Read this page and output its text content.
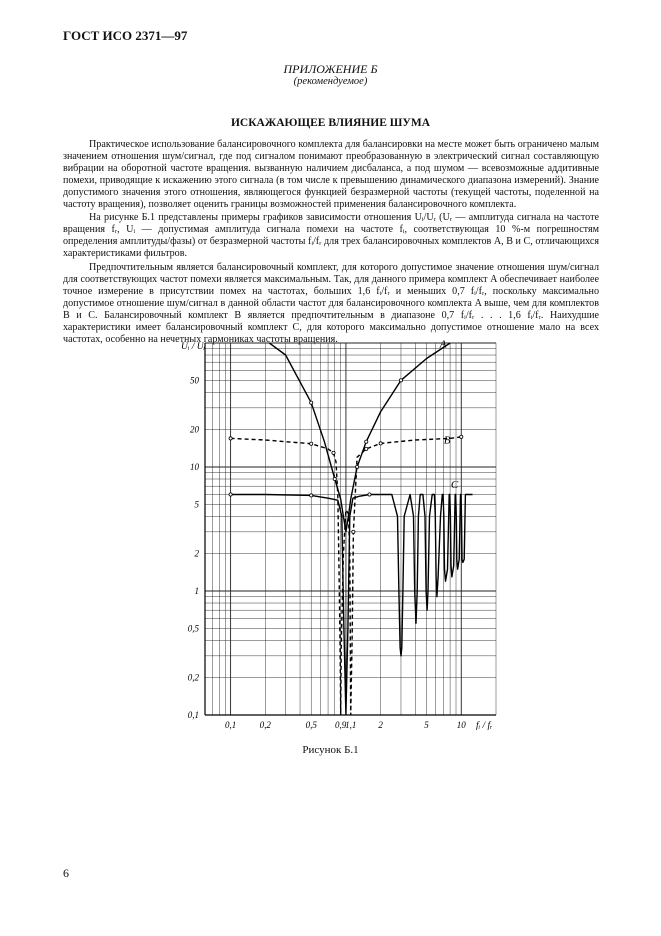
ГОСТ ИСО 2371—97
ПРИЛОЖЕНИЕ Б
(рекомендуемое)
ИСКАЖАЮЩЕЕ ВЛИЯНИЕ ШУМА

Практическое использование балансировочного комплекта для балансировки на месте может быть ограничено малым значением отношения шум/сигнал, где под сигналом понимают преобразованную в электрический сигнал составляющую вибрации на оборотной частоте вращения. вызванную наличием дисбаланса, а под шумом — всевозможные аддитивные помехи, приводящие к искажению этого сигнала (в том числе к превышению динамического диапазона измерений). Знание допустимого значения этого отношения, являющегося функцией безразмерной частоты (текущей частоты, поделенной на частоту вращения), позволяет оценить границы возможностей применения балансировочного комплекта.

На рисунке Б.1 представлены примеры графиков зависимости отношения Uᵢ/Uᵣ (Uᵣ — амплитуда сигнала на частоте вращения fᵣ, Uᵢ — допустимая амплитуда сигнала помехи на частоте fᵢ, соответствующая 10 %-м погрешностям определения амплитуды/фазы) от безразмерной частоты fᵢ/fᵣ для трех балансировочных комплектов A, B и C, отличающихся характеристиками фильтров.

Предпочтительным является балансировочный комплект, для которого допустимое значение отношения шум/сигнал для соответствующих частот помехи является максимальным. Так, для данного примера комплект A обеспечивает наиболее точное измерение в присутствии помех на частотах, больших 1,6 fᵢ/fᵣ и меньших 0,7 fᵢ/fᵣ, поскольку максимально допустимое отношение шум/сигнал в данной области частот для балансировочного комплекта A выше, чем для комплектов B и C. Балансировочный комплект B является предпочтительным в диапазоне 0,7 fᵢ/fᵣ . . . 1,6 fᵢ/fᵣ. Наихудшие характеристики имеет балансировочный комплект C, для которого максимально допустимое отношение мало на всех частотах, особенно на нечетных гармониках частоты вращения.

50
20
10
5
2
1
0,5
0,2
0,1
0,1	0,2	0,5 0,9
1,1 2	5	10
Uᵢ / Uᵣ
fᵢ / fᵣ
A
B
C
Рисунок Б.1
6
